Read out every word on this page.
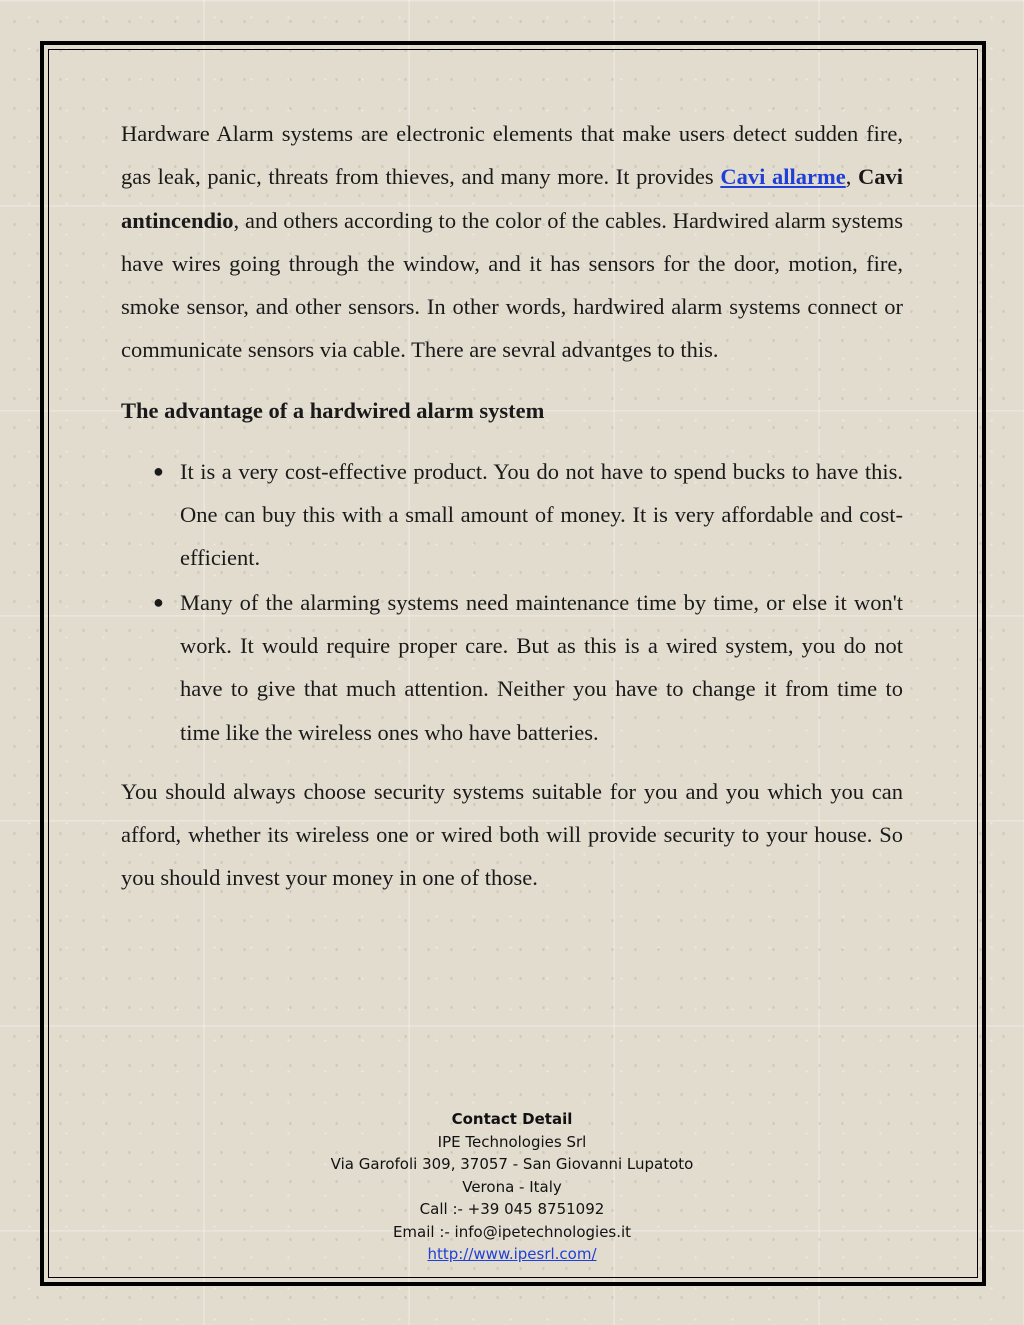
Hardware Alarm systems are electronic elements that make users detect sudden fire, gas leak, panic, threats from thieves, and many more. It provides Cavi allarme, Cavi antincendio, and others according to the color of the cables. Hardwired alarm systems have wires going through the window, and it has sensors for the door, motion, fire, smoke sensor, and other sensors. In other words, hardwired alarm systems connect or communicate sensors via cable. There are sevral advantges to this.

The advantage of a hardwired alarm system
● It is a very cost-effective product. You do not have to spend bucks to have this. One can buy this with a small amount of money. It is very affordable and cost-efficient.
● Many of the alarming systems need maintenance time by time, or else it won't work. It would require proper care. But as this is a wired system, you do not have to give that much attention. Neither you have to change it from time to time like the wireless ones who have batteries.

You should always choose security systems suitable for you and you which you can afford, whether its wireless one or wired both will provide security to your house. So you should invest your money in one of those.

Contact Detail
IPE Technologies Srl
Via Garofoli 309, 37057 - San Giovanni Lupatoto
Verona - Italy
Call :- +39 045 8751092
Email :- info@ipetechnologies.it
http://www.ipesrl.com/
